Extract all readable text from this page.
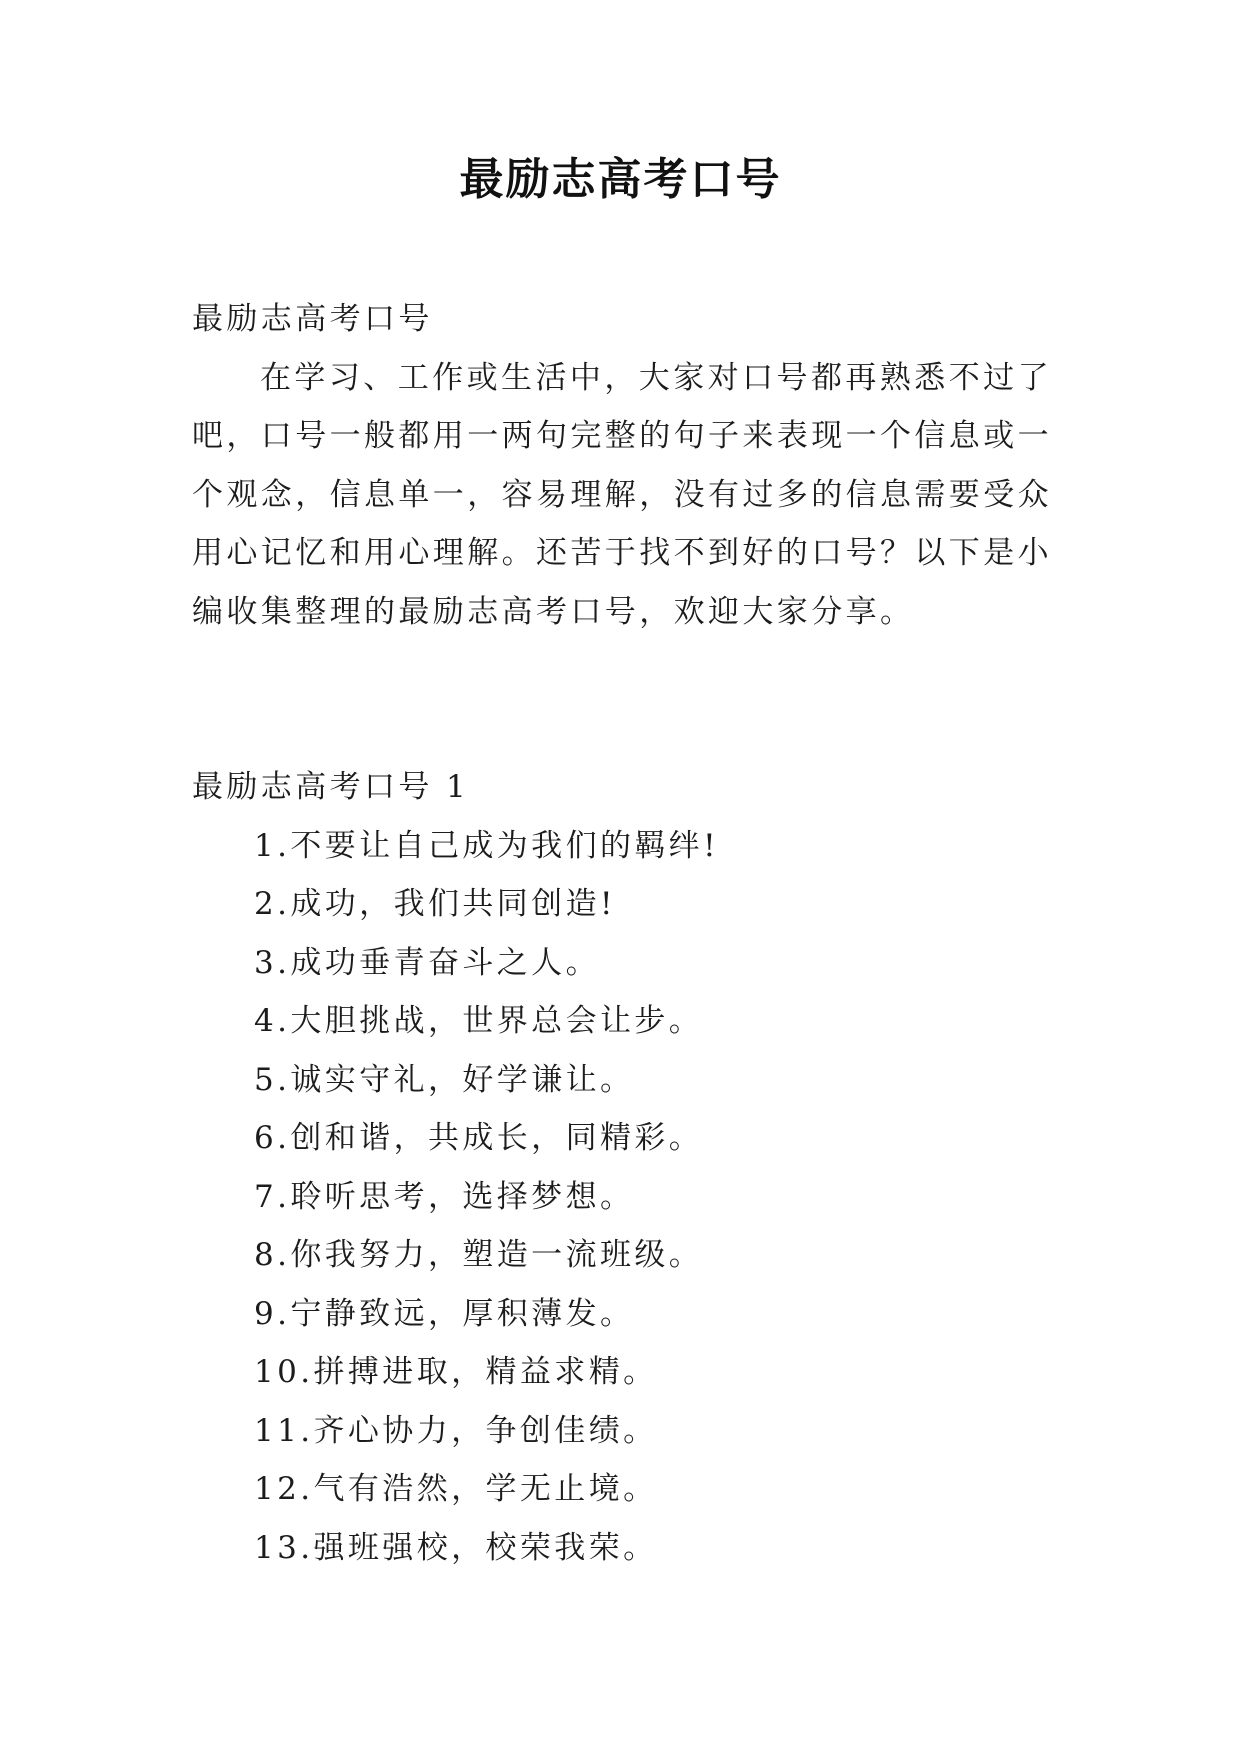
最励志高考口号

最励志高考口号

在学习、工作或生活中，大家对口号都再熟悉不过了吧，口号一般都用一两句完整的句子来表现一个信息或一个观念，信息单一，容易理解，没有过多的信息需要受众用心记忆和用心理解。还苦于找不到好的口号？以下是小编收集整理的最励志高考口号，欢迎大家分享。

最励志高考口号 1

1.不要让自己成为我们的羁绊!
2.成功，我们共同创造!
3.成功垂青奋斗之人。
4.大胆挑战，世界总会让步。
5.诚实守礼，好学谦让。
6.创和谐，共成长，同精彩。
7.聆听思考，选择梦想。
8.你我努力，塑造一流班级。
9.宁静致远，厚积薄发。
10.拼搏进取，精益求精。
11.齐心协力，争创佳绩。
12.气有浩然，学无止境。
13.强班强校，校荣我荣。
